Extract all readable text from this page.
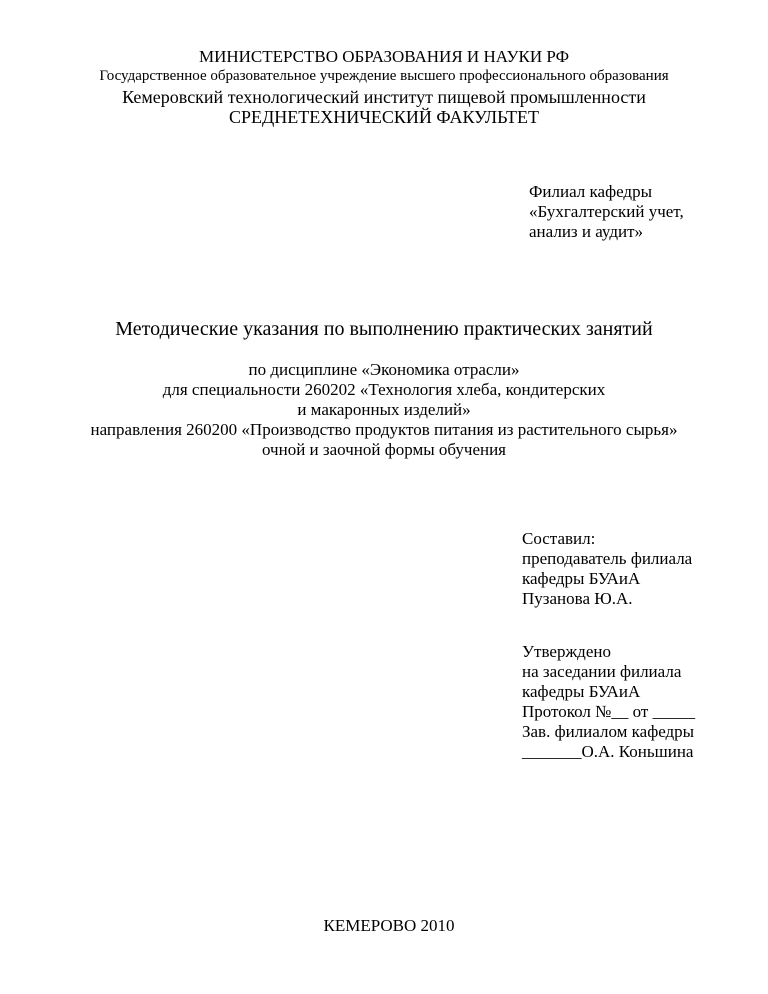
МИНИСТЕРСТВО ОБРАЗОВАНИЯ И НАУКИ РФ
Государственное образовательное учреждение высшего профессионального образования
Кемеровский технологический институт пищевой промышленности
СРЕДНЕТЕХНИЧЕСКИЙ ФАКУЛЬТЕТ
Филиал кафедры
«Бухгалтерский учет,
анализ и аудит»
Методические указания по выполнению практических занятий
по дисциплине «Экономика отрасли»
для специальности 260202 «Технология хлеба, кондитерских
и макаронных изделий»
направления 260200 «Производство продуктов питания из растительного сырья»
очной и заочной формы обучения
Составил:
преподаватель филиала
кафедры БУАиА
Пузанова Ю.А.
Утверждено
на заседании филиала
кафедры БУАиА
Протокол №__ от _____
Зав. филиалом кафедры
_______О.А. Коньшина
КЕМЕРОВО 2010
